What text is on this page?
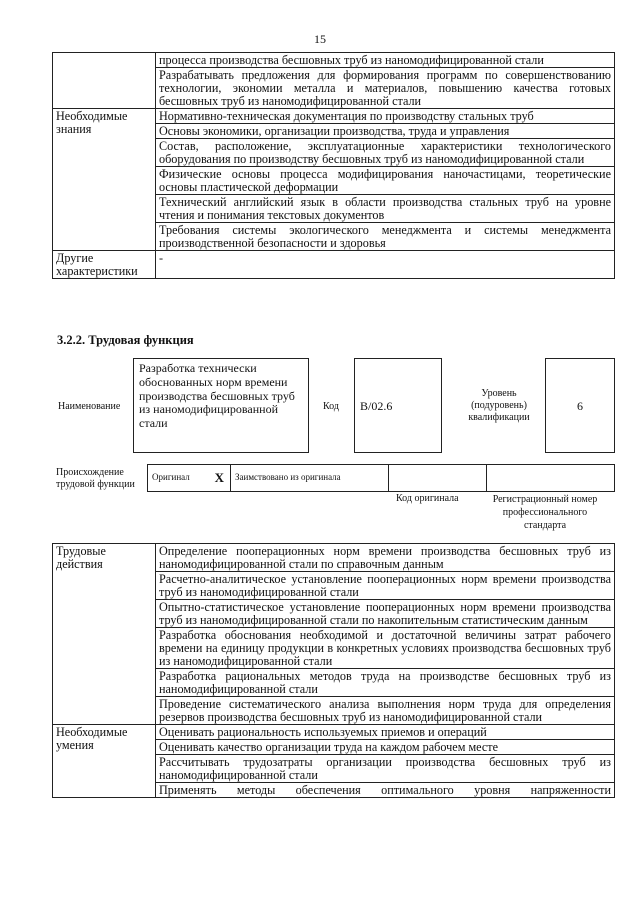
15
	процесса производства бесшовных труб из наномодифицированной стали
	Разрабатывать предложения для формирования программ по совершенствованию технологии, экономии металла и материалов, повышению качества готовых бесшовных труб из наномодифицированной стали
Необходимые знания	Нормативно-техническая документация по производству стальных труб
	Основы экономики, организации производства, труда и управления
	Состав, расположение, эксплуатационные характеристики технологического оборудования по производству бесшовных труб из наномодифицированной стали
	Физические основы процесса модифицирования наночастицами, теоретические основы пластической деформации
	Технический английский язык в области производства стальных труб на уровне чтения и понимания текстовых документов
	Требования системы экологического менеджмента и системы менеджмента производственной безопасности и здоровья
Другие характеристики	-
3.2.2. Трудовая функция
Наименование
Разработка технически обоснованных норм времени производства бесшовных труб из наномодифицированной стали
Код	В/02.6
Уровень (подуровень) квалификации
6
Происхождение трудовой функции
Оригинал X	Заимствовано из оригинала
Код оригинала	Регистрационный номер профессионального стандарта
Трудовые действия	Определение пооперационных норм времени производства бесшовных труб из наномодифицированной стали по справочным данным
	Расчетно-аналитическое установление пооперационных норм времени производства труб из наномодифицированной стали
	Опытно-статистическое установление пооперационных норм времени производства труб из наномодифицированной стали по накопительным статистическим данным
	Разработка обоснования необходимой и достаточной величины затрат рабочего времени на единицу продукции в конкретных условиях производства бесшовных труб из наномодифицированной стали
	Разработка рациональных методов труда на производстве бесшовных труб из наномодифицированной стали
	Проведение систематического анализа выполнения норм труда для определения резервов производства бесшовных труб из наномодифицированной стали
Необходимые умения	Оценивать рациональность используемых приемов и операций
	Оценивать качество организации труда на каждом рабочем месте
	Рассчитывать трудозатраты организации производства бесшовных труб из наномодифицированной стали
	Применять методы обеспечения оптимального уровня напряженности
